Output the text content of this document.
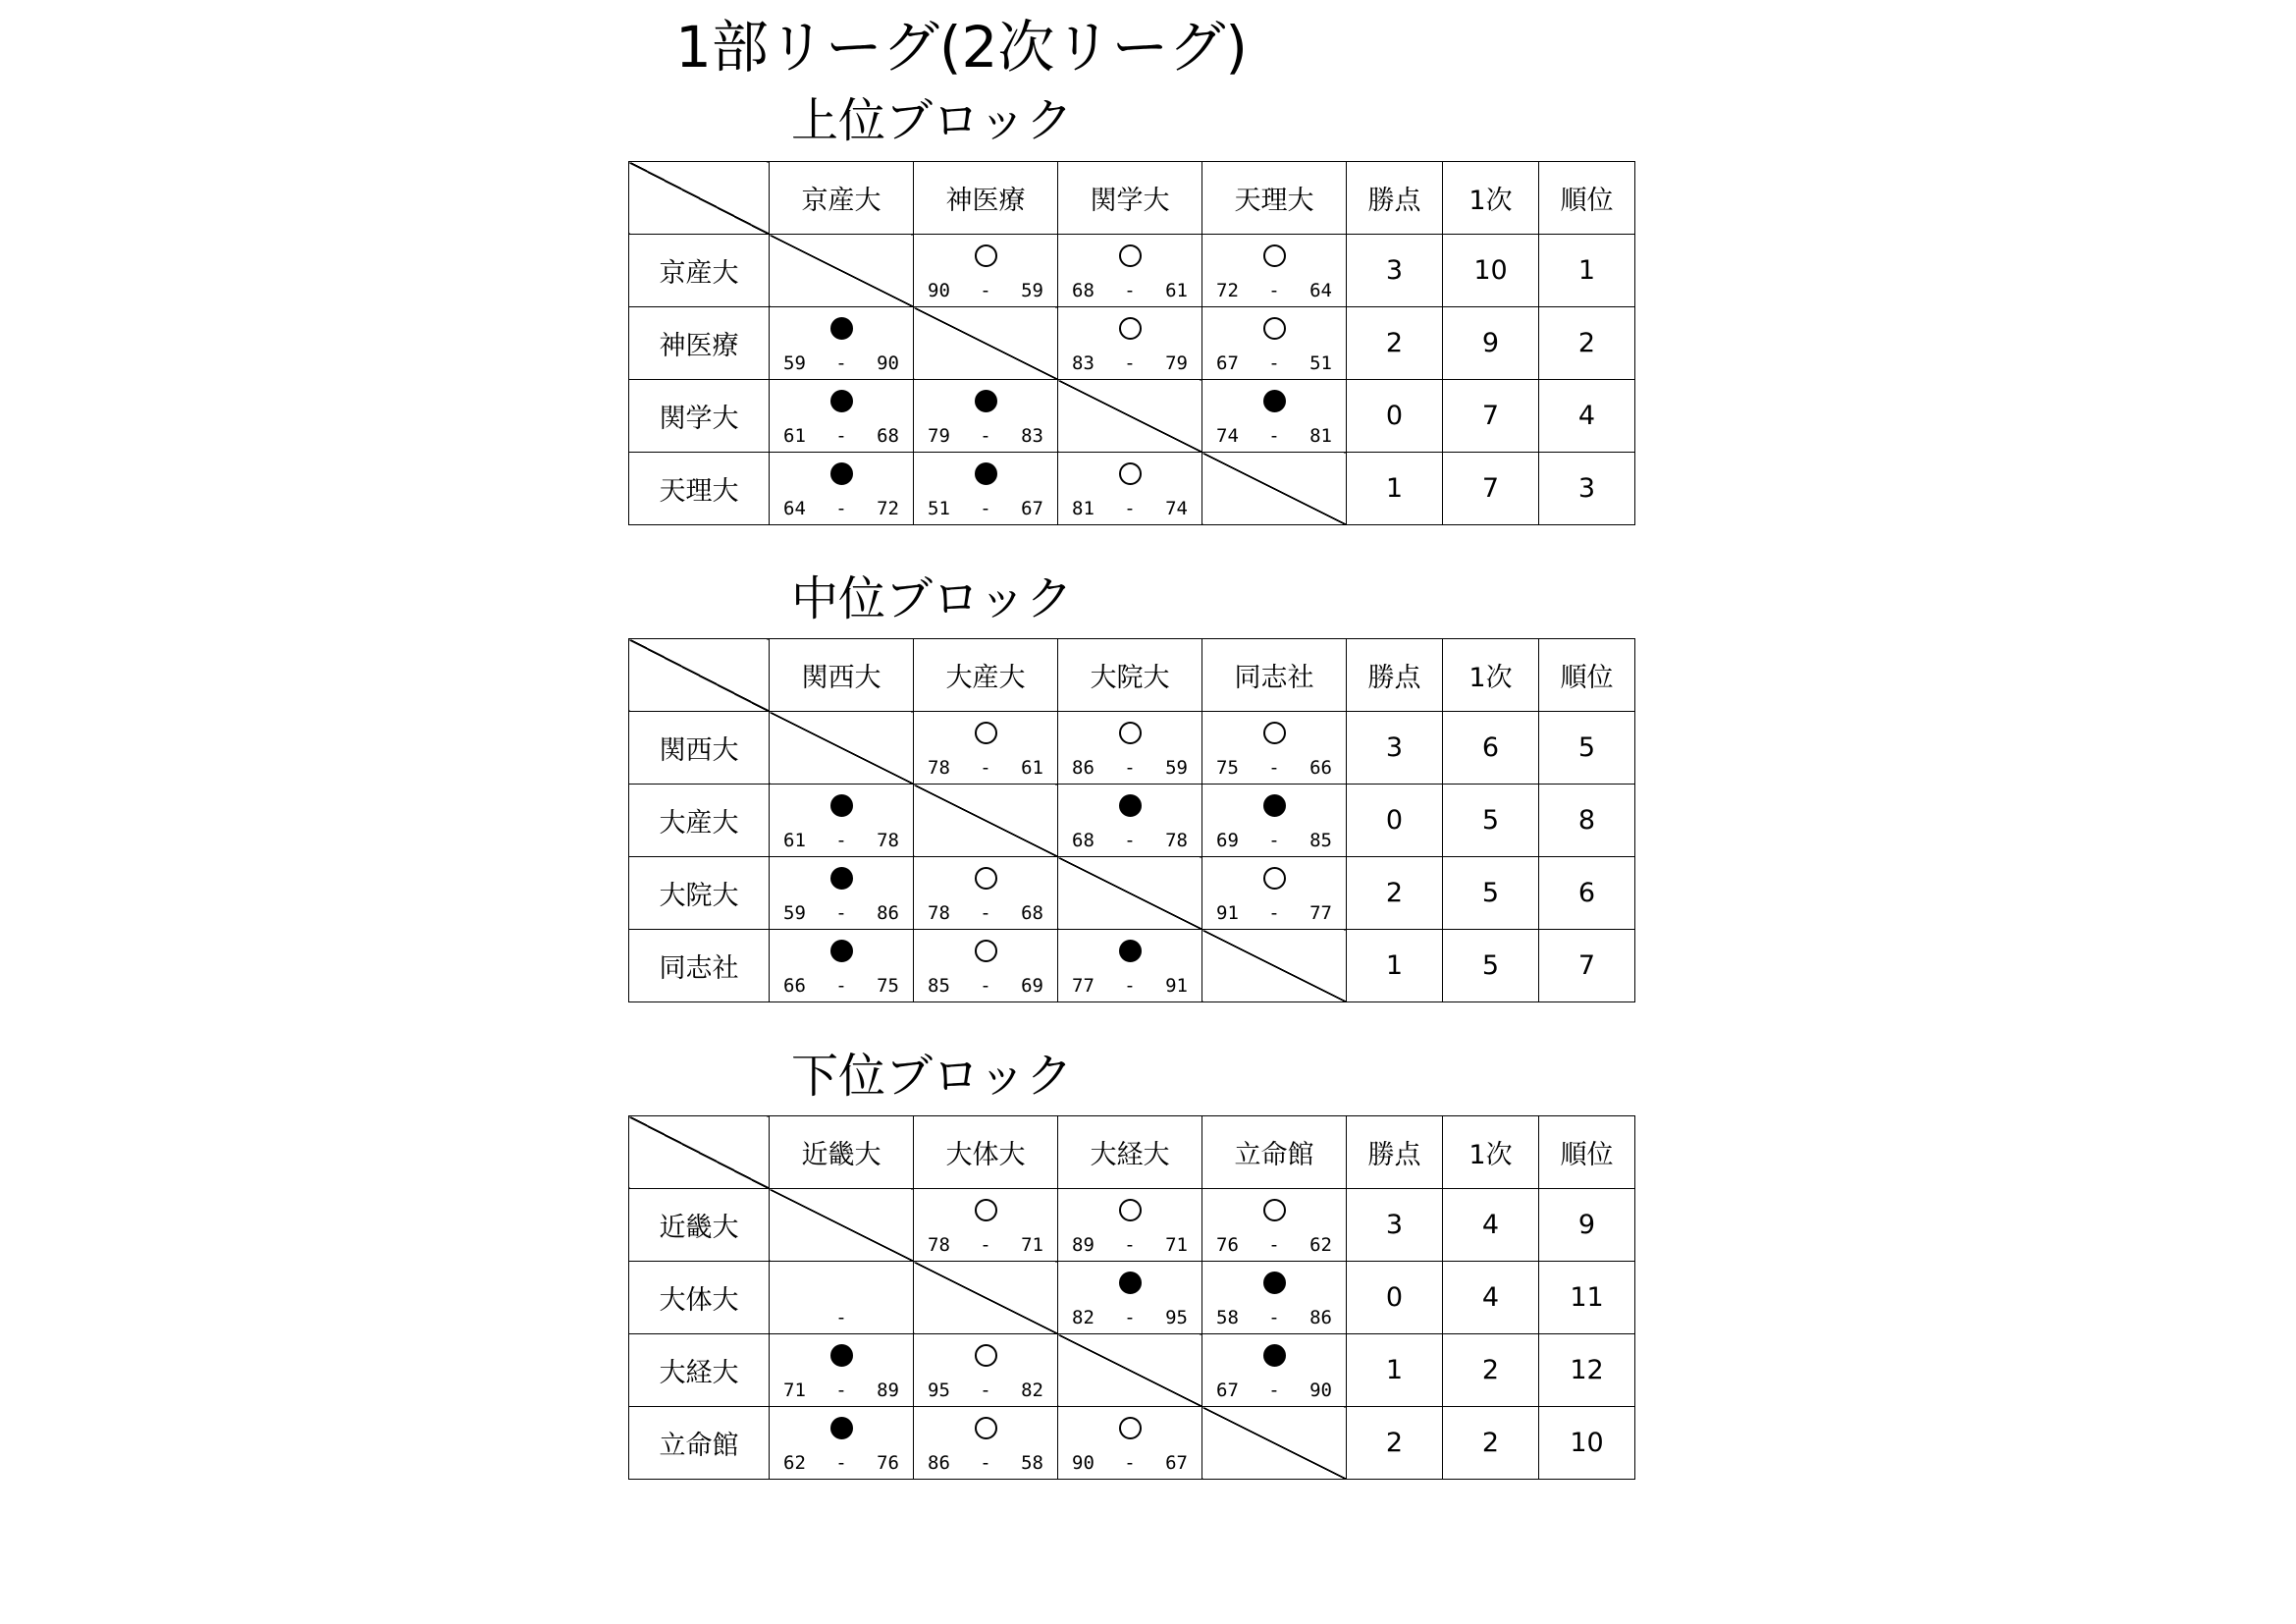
1部リーグ(2次リーグ)
上位ブロック
	京産大	神医療	関学大	天理大	勝点	1次	順位
京産大		90 - 59	68 - 61	72 - 64	3	10	1
神医療	59 - 90		83 - 79	67 - 51	2	9	2
関学大	61 - 68	79 - 83		74 - 81	0	7	4
天理大	64 - 72	51 - 67	81 - 74		1	7	3
中位ブロック
	関西大	大産大	大院大	同志社	勝点	1次	順位
関西大		78 - 61	86 - 59	75 - 66	3	6	5
大産大	61 - 78		68 - 78	69 - 85	0	5	8
大院大	59 - 86	78 - 68		91 - 77	2	5	6
同志社	66 - 75	85 - 69	77 - 91		1	5	7
下位ブロック
	近畿大	大体大	大経大	立命館	勝点	1次	順位
近畿大		78 - 71	89 - 71	76 - 62	3	4	9
大体大	-		82 - 95	58 - 86	0	4	11
大経大	71 - 89	95 - 82		67 - 90	1	2	12
立命館	62 - 76	86 - 58	90 - 67		2	2	10
